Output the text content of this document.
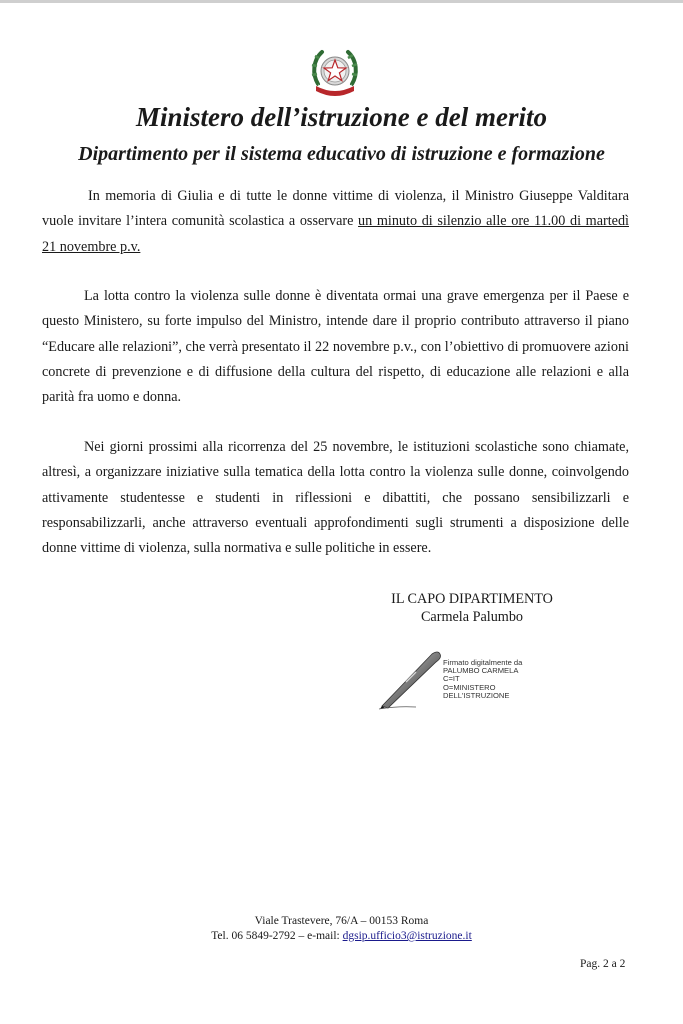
Ministero dell’istruzione e del merito
Dipartimento per il sistema educativo di istruzione e formazione

In memoria di Giulia e di tutte le donne vittime di violenza, il Ministro Giuseppe Valditara vuole invitare l’intera comunità scolastica a osservare un minuto di silenzio alle ore 11.00 di martedì 21 novembre p.v.

La lotta contro la violenza sulle donne è diventata ormai una grave emergenza per il Paese e questo Ministero, su forte impulso del Ministro, intende dare il proprio contributo attraverso il piano “Educare alle relazioni”, che verrà presentato il 22 novembre p.v., con l’obiettivo di promuovere azioni concrete di prevenzione e di diffusione della cultura del rispetto, di educazione alle relazioni e alla parità fra uomo e donna.

Nei giorni prossimi alla ricorrenza del 25 novembre, le istituzioni scolastiche sono chiamate, altresì, a organizzare iniziative sulla tematica della lotta contro la violenza sulle donne, coinvolgendo attivamente studentesse e studenti in riflessioni e dibattiti, che possano sensibilizzarli e responsabilizzarli, anche attraverso eventuali approfondimenti sugli strumenti a disposizione delle donne vittime di violenza, sulla normativa e sulle politiche in essere.

IL CAPO DIPARTIMENTO
Carmela Palumbo
Firmato digitalmente da
PALUMBO CARMELA
C=IT
O=MINISTERO
DELL'ISTRUZIONE
Viale Trastevere, 76/A – 00153 Roma
Tel. 06 5849-2792 – e-mail: dgsip.ufficio3@istruzione.it
Pag. 2 a 2
